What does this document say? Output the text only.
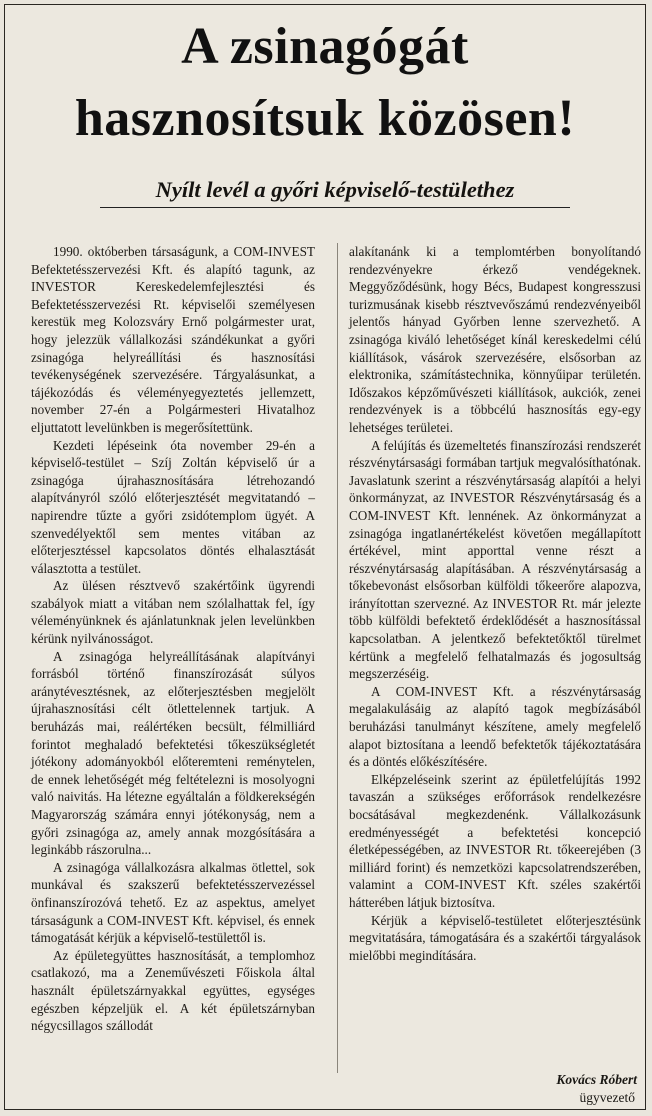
A zsinagógát
hasznosítsuk közösen!
Nyílt levél a győri képviselő-testülethez

1990. októberben társaságunk, a COM-INVEST Befektetésszervezési Kft. és alapító tagunk, az INVESTOR Kereskedelemfejlesztési és Befektetésszervezési Rt. képviselői személyesen kerestük meg Kolozsváry Ernő polgármester urat, hogy jelezzük vállalkozási szándékunkat a győri zsinagóga helyreállítási és hasznosítási tevékenységének szervezésére. Tárgyalásunkat, a tájékozódás és véleményegyeztetés jellemzett, november 27-én a Polgármesteri Hivatalhoz eljuttatott levelünkben is megerősítettünk.

Kezdeti lépéseink óta november 29-én a képviselő-testület – Szíj Zoltán képviselő úr a zsinagóga újrahasznosítására létrehozandó alapítványról szóló előterjesztését megvitatandó – napirendre tűzte a győri zsidótemplom ügyét. A szenvedélyektől sem mentes vitában az előterjesztéssel kapcsolatos döntés elhalasztását választotta a testület.

Az ülésen résztvevő szakértőink ügyrendi szabályok miatt a vitában nem szólalhattak fel, így véleményünknek és ajánlatunknak jelen levelünkben kérünk nyilvánosságot.

A zsinagóga helyreállításának alapítványi forrásból történő finanszírozását súlyos aránytévesztésnek, az előterjesztésben megjelölt újrahasznosítási célt ötlettelennek tartjuk. A beruházás mai, reálértéken becsült, félmilliárd forintot meghaladó befektetési tőkeszükségletét jótékony adományokból előteremteni reménytelen, de ennek lehetőségét még feltételezni is mosolyogni való naivitás. Ha létezne egyáltalán a földkerekségén Magyarország számára ennyi jótékonyság, nem a győri zsinagóga az, amely annak mozgósítására a leginkább rászorulna...

A zsinagóga vállalkozásra alkalmas ötlettel, sok munkával és szakszerű befektetésszervezéssel önfinanszírozóvá tehető. Ez az aspektus, amelyet társaságunk a COM-INVEST Kft. képvisel, és ennek támogatását kérjük a képviselő-testülettől is.

Az épületegyüttes hasznosítását, a templomhoz csatlakozó, ma a Zeneművészeti Főiskola által használt épületszárnyakkal együttes, egységes egészben képzeljük el. A két épületszárnyban négycsillagos szállodát

alakítanánk ki a templomtérben bonyolítandó rendezvényekre érkező vendégeknek. Meggyőződésünk, hogy Bécs, Budapest kongresszusi turizmusának kisebb résztvevőszámú rendezvényeiből jelentős hányad Győrben lenne szervezhető. A zsinagóga kiváló lehetőséget kínál kereskedelmi célú kiállítások, vásárok szervezésére, elsősorban az elektronika, számítástechnika, könnyűipar területén. Időszakos képzőművészeti kiállítások, aukciók, zenei rendezvények is a többcélú hasznosítás egy-egy lehetséges területei.

A felújítás és üzemeltetés finanszírozási rendszerét részvénytársasági formában tartjuk megvalósíthatónak. Javaslatunk szerint a részvénytársaság alapítói a helyi önkormányzat, az INVESTOR Részvénytársaság és a COM-INVEST Kft. lennének. Az önkormányzat a zsinagóga ingatlanértékelést követően megállapított értékével, mint apporttal venne részt a részvénytársaság alapításában. A részvénytársaság a tőkebevonást elsősorban külföldi tőkeerőre alapozva, irányítottan szervezné. Az INVESTOR Rt. már jelezte több külföldi befektető érdeklődését a hasznosítással kapcsolatban. A jelentkező befektetőktől türelmet kértünk a megfelelő felhatalmazás és jogosultság megszerzéséig.

A COM-INVEST Kft. a részvénytársaság megalakulásáig az alapító tagok megbízásából beruházási tanulmányt készítene, amely megfelelő alapot biztosítana a leendő befektetők tájékoztatására és a döntés előkészítésére.

Elképzeléseink szerint az épületfelújítás 1992 tavaszán a szükséges erőforrások rendelkezésre bocsátásával megkezdenénk. Vállalkozásunk eredményességét a befektetési koncepció életképességében, az INVESTOR Rt. tőkeerejében (3 milliárd forint) és nemzetközi kapcsolatrendszerében, valamint a COM-INVEST Kft. széles szakértői hátterében látjuk biztosítva.

Kérjük a képviselő-testületet előterjesztésünk megvitatására, támogatására és a szakértői tárgyalások mielőbbi megindítására.

Kovács Róbert
ügyvezető
